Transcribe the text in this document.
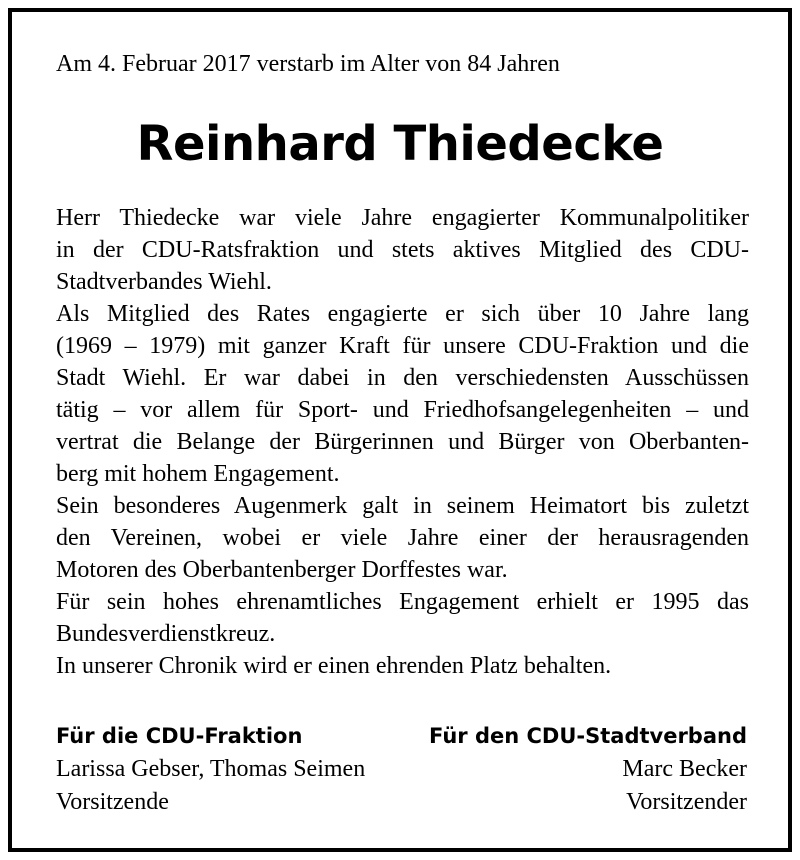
Am 4. Februar 2017 verstarb im Alter von 84 Jahren
Reinhard Thiedecke
Herr Thiedecke war viele Jahre engagierter Kommunalpolitiker
in der CDU-Ratsfraktion und stets aktives Mitglied des CDU-
Stadtverbandes Wiehl.
Als Mitglied des Rates engagierte er sich über 10 Jahre lang
(1969 – 1979) mit ganzer Kraft für unsere CDU-Fraktion und die
Stadt Wiehl. Er war dabei in den verschiedensten Ausschüssen
tätig – vor allem für Sport- und Friedhofsangelegenheiten – und
vertrat die Belange der Bürgerinnen und Bürger von Oberbanten-
berg mit hohem Engagement.
Sein besonderes Augenmerk galt in seinem Heimatort bis zuletzt
den Vereinen, wobei er viele Jahre einer der herausragenden
Motoren des Oberbantenberger Dorffestes war.
Für sein hohes ehrenamtliches Engagement erhielt er 1995 das
Bundesverdienstkreuz.
In unserer Chronik wird er einen ehrenden Platz behalten.
Für die CDU-Fraktion
Larissa Gebser, Thomas Seimen
Vorsitzende
Für den CDU-Stadtverband
Marc Becker
Vorsitzender
